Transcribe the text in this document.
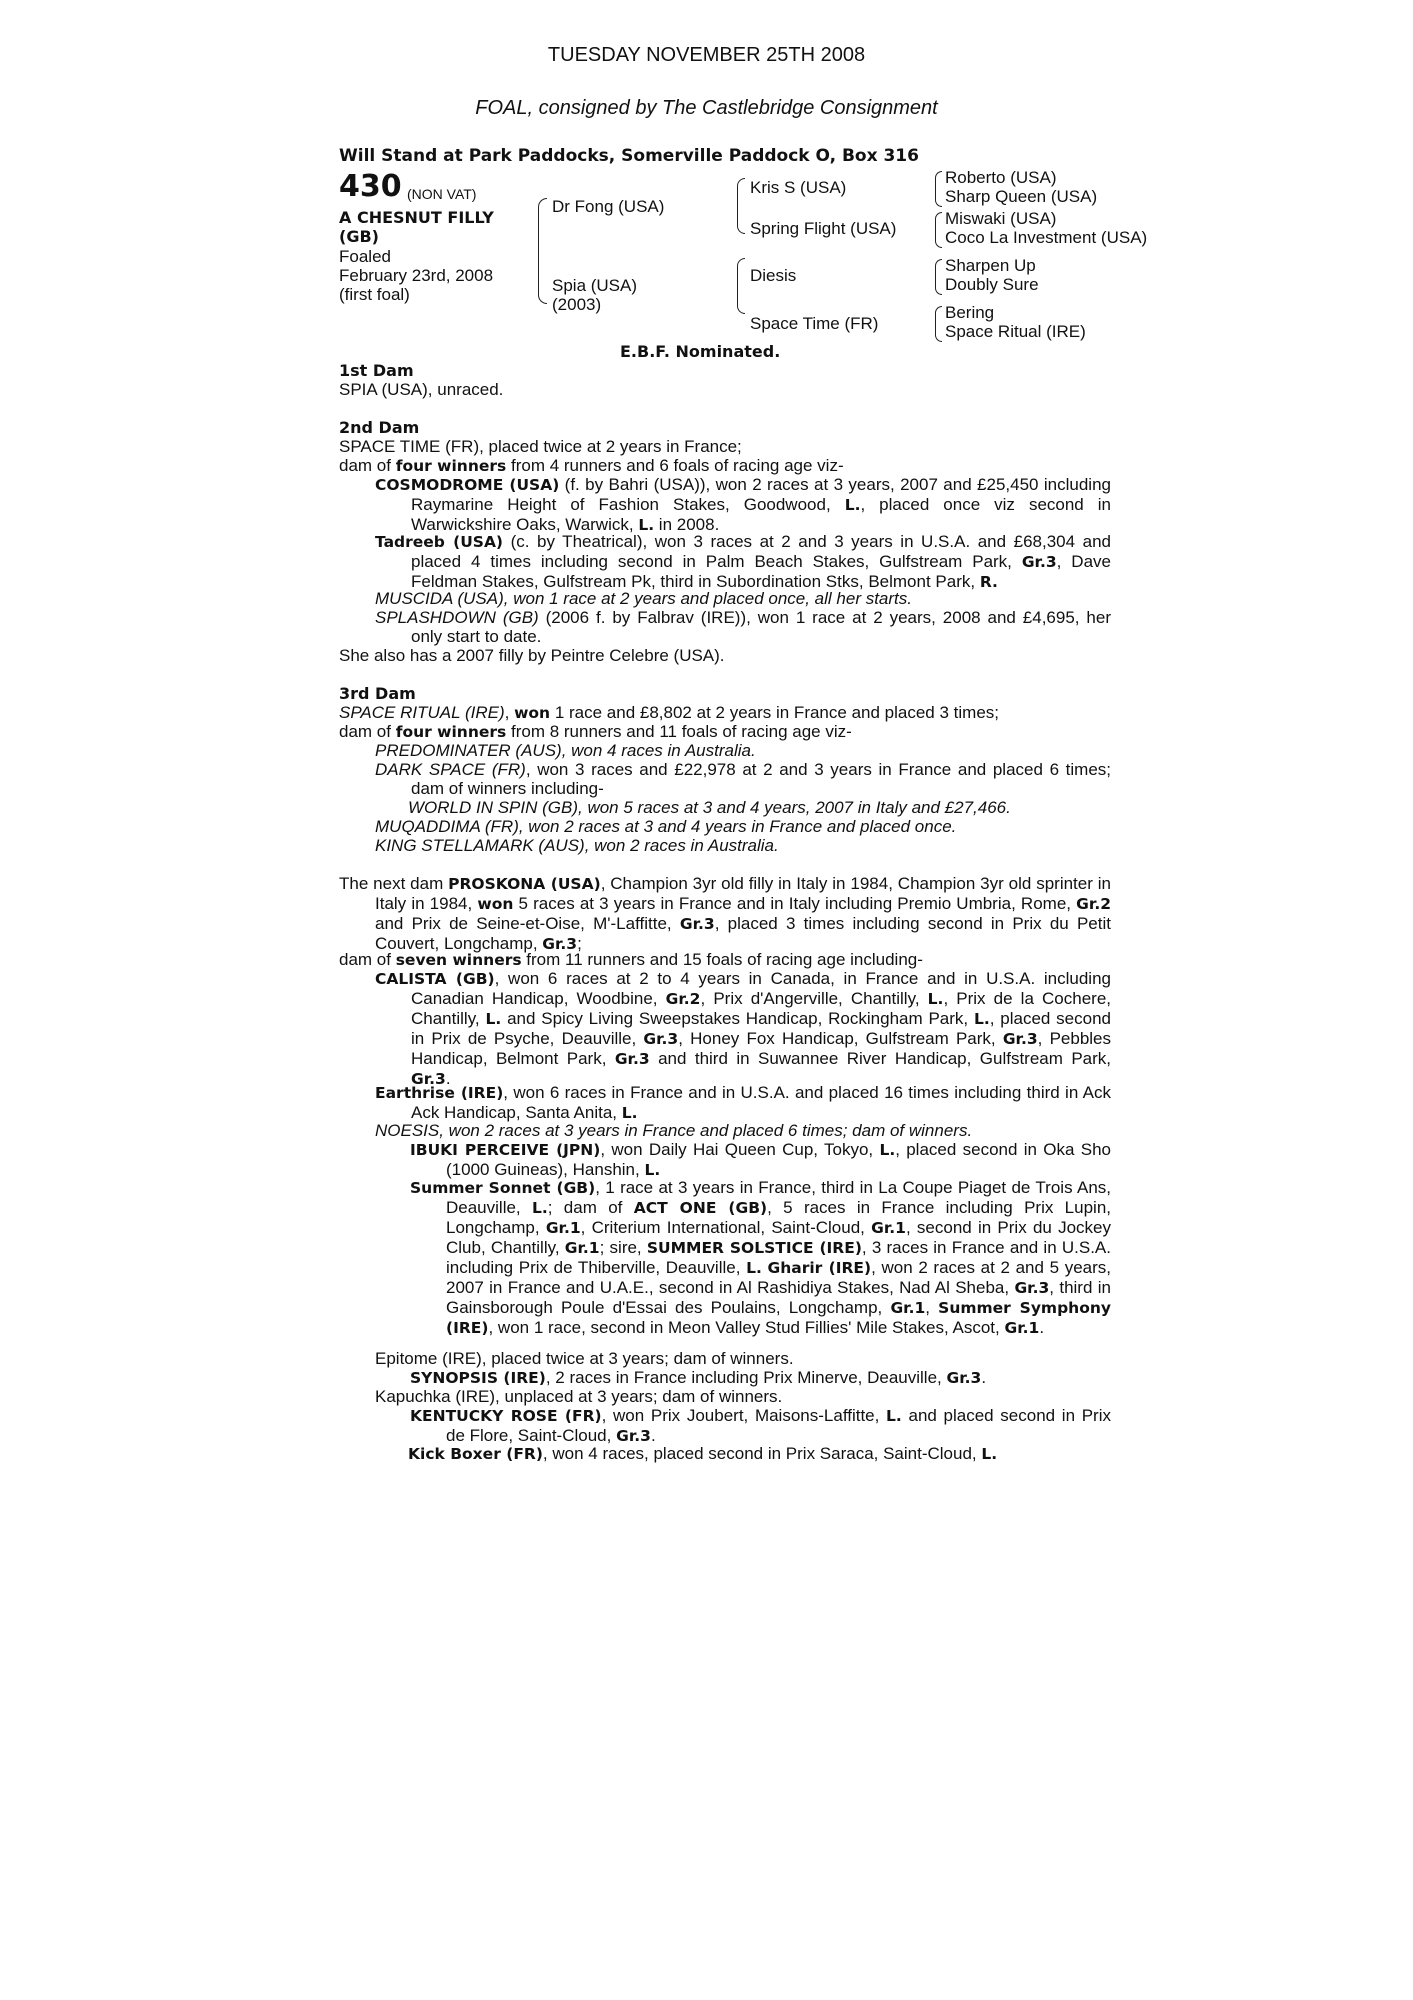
TUESDAY NOVEMBER 25TH 2008
FOAL, consigned by The Castlebridge Consignment
Will Stand at Park Paddocks, Somerville Paddock O, Box 316
430 (NON VAT)
A CHESNUT FILLY (GB)
Foaled
February 23rd, 2008
(first foal)
Dr Fong (USA)
Spia (USA)
(2003)
Kris S (USA)
Spring Flight (USA)
Diesis
Space Time (FR)
Roberto (USA)
Sharp Queen (USA)
Miswaki (USA)
Coco La Investment (USA)
Sharpen Up
Doubly Sure
Bering
Space Ritual (IRE)
E.B.F. Nominated.
1st Dam
SPIA (USA), unraced.
2nd Dam
SPACE TIME (FR), placed twice at 2 years in France;
dam of four winners from 4 runners and 6 foals of racing age viz-
COSMODROME (USA) (f. by Bahri (USA)), won 2 races at 3 years, 2007 and £25,450 including Raymarine Height of Fashion Stakes, Goodwood, L., placed once viz second in Warwickshire Oaks, Warwick, L. in 2008.
Tadreeb (USA) (c. by Theatrical), won 3 races at 2 and 3 years in U.S.A. and £68,304 and placed 4 times including second in Palm Beach Stakes, Gulfstream Park, Gr.3, Dave Feldman Stakes, Gulfstream Pk, third in Subordination Stks, Belmont Park, R.
MUSCIDA (USA), won 1 race at 2 years and placed once, all her starts.
SPLASHDOWN (GB) (2006 f. by Falbrav (IRE)), won 1 race at 2 years, 2008 and £4,695, her only start to date.
She also has a 2007 filly by Peintre Celebre (USA).
3rd Dam
SPACE RITUAL (IRE), won 1 race and £8,802 at 2 years in France and placed 3 times;
dam of four winners from 8 runners and 11 foals of racing age viz-
PREDOMINATER (AUS), won 4 races in Australia.
DARK SPACE (FR), won 3 races and £22,978 at 2 and 3 years in France and placed 6 times; dam of winners including-
WORLD IN SPIN (GB), won 5 races at 3 and 4 years, 2007 in Italy and £27,466.
MUQADDIMA (FR), won 2 races at 3 and 4 years in France and placed once.
KING STELLAMARK (AUS), won 2 races in Australia.
The next dam PROSKONA (USA), Champion 3yr old filly in Italy in 1984, Champion 3yr old sprinter in Italy in 1984, won 5 races at 3 years in France and in Italy including Premio Umbria, Rome, Gr.2 and Prix de Seine-et-Oise, M'-Laffitte, Gr.3, placed 3 times including second in Prix du Petit Couvert, Longchamp, Gr.3;
dam of seven winners from 11 runners and 15 foals of racing age including-
CALISTA (GB), won 6 races at 2 to 4 years in Canada, in France and in U.S.A. including Canadian Handicap, Woodbine, Gr.2, Prix d'Angerville, Chantilly, L., Prix de la Cochere, Chantilly, L. and Spicy Living Sweepstakes Handicap, Rockingham Park, L., placed second in Prix de Psyche, Deauville, Gr.3, Honey Fox Handicap, Gulfstream Park, Gr.3, Pebbles Handicap, Belmont Park, Gr.3 and third in Suwannee River Handicap, Gulfstream Park, Gr.3.
Earthrise (IRE), won 6 races in France and in U.S.A. and placed 16 times including third in Ack Ack Handicap, Santa Anita, L.
NOESIS, won 2 races at 3 years in France and placed 6 times; dam of winners.
IBUKI PERCEIVE (JPN), won Daily Hai Queen Cup, Tokyo, L., placed second in Oka Sho (1000 Guineas), Hanshin, L.
Summer Sonnet (GB), 1 race at 3 years in France, third in La Coupe Piaget de Trois Ans, Deauville, L.; dam of ACT ONE (GB), 5 races in France including Prix Lupin, Longchamp, Gr.1, Criterium International, Saint-Cloud, Gr.1, second in Prix du Jockey Club, Chantilly, Gr.1; sire, SUMMER SOLSTICE (IRE), 3 races in France and in U.S.A. including Prix de Thiberville, Deauville, L. Gharir (IRE), won 2 races at 2 and 5 years, 2007 in France and U.A.E., second in Al Rashidiya Stakes, Nad Al Sheba, Gr.3, third in Gainsborough Poule d'Essai des Poulains, Longchamp, Gr.1, Summer Symphony (IRE), won 1 race, second in Meon Valley Stud Fillies' Mile Stakes, Ascot, Gr.1.
Epitome (IRE), placed twice at 3 years; dam of winners.
SYNOPSIS (IRE), 2 races in France including Prix Minerve, Deauville, Gr.3.
Kapuchka (IRE), unplaced at 3 years; dam of winners.
KENTUCKY ROSE (FR), won Prix Joubert, Maisons-Laffitte, L. and placed second in Prix de Flore, Saint-Cloud, Gr.3.
Kick Boxer (FR), won 4 races, placed second in Prix Saraca, Saint-Cloud, L.
